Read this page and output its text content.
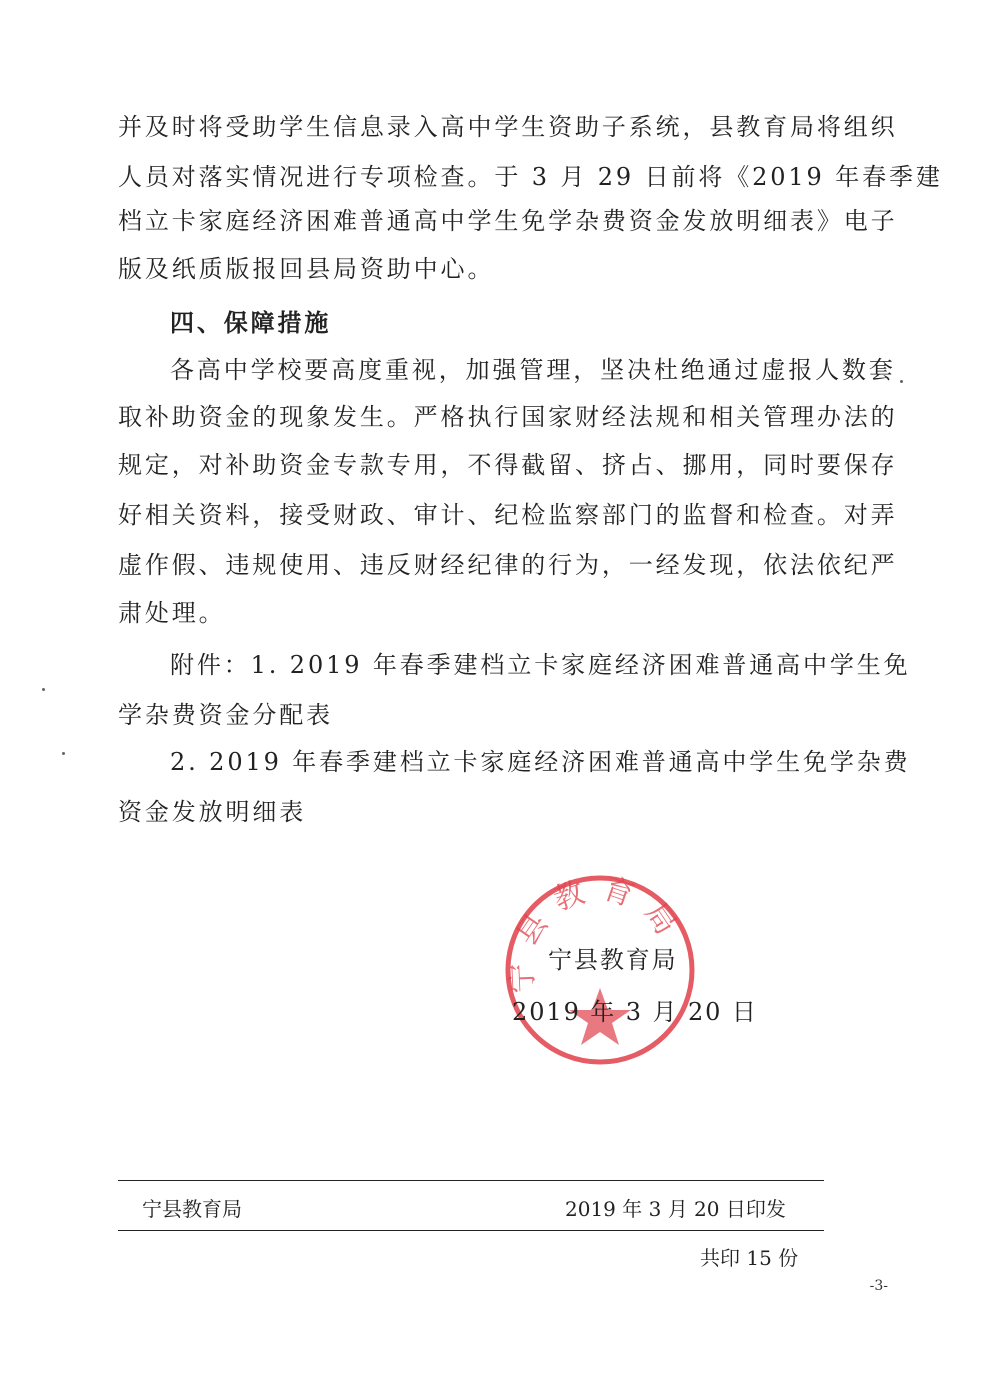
并及时将受助学生信息录入高中学生资助子系统，县教育局将组织

人员对落实情况进行专项检查。于 3 月 29 日前将《2019 年春季建

档立卡家庭经济困难普通高中学生免学杂费资金发放明细表》电子

版及纸质版报回县局资助中心。

四、保障措施

各高中学校要高度重视，加强管理，坚决杜绝通过虚报人数套

取补助资金的现象发生。严格执行国家财经法规和相关管理办法的

规定，对补助资金专款专用，不得截留、挤占、挪用，同时要保存

好相关资料，接受财政、审计、纪检监察部门的监督和检查。对弄

虚作假、违规使用、违反财经纪律的行为，一经发现，依法依纪严

肃处理。

附件：1. 2019 年春季建档立卡家庭经济困难普通高中学生免

学杂费资金分配表

2. 2019 年春季建档立卡家庭经济困难普通高中学生免学杂费

资金发放明细表

宁县教育局
宁县教育局
2019 年 3 月 20 日
宁县教育局	2019 年 3 月 20 日印发
共印 15 份
-3-
